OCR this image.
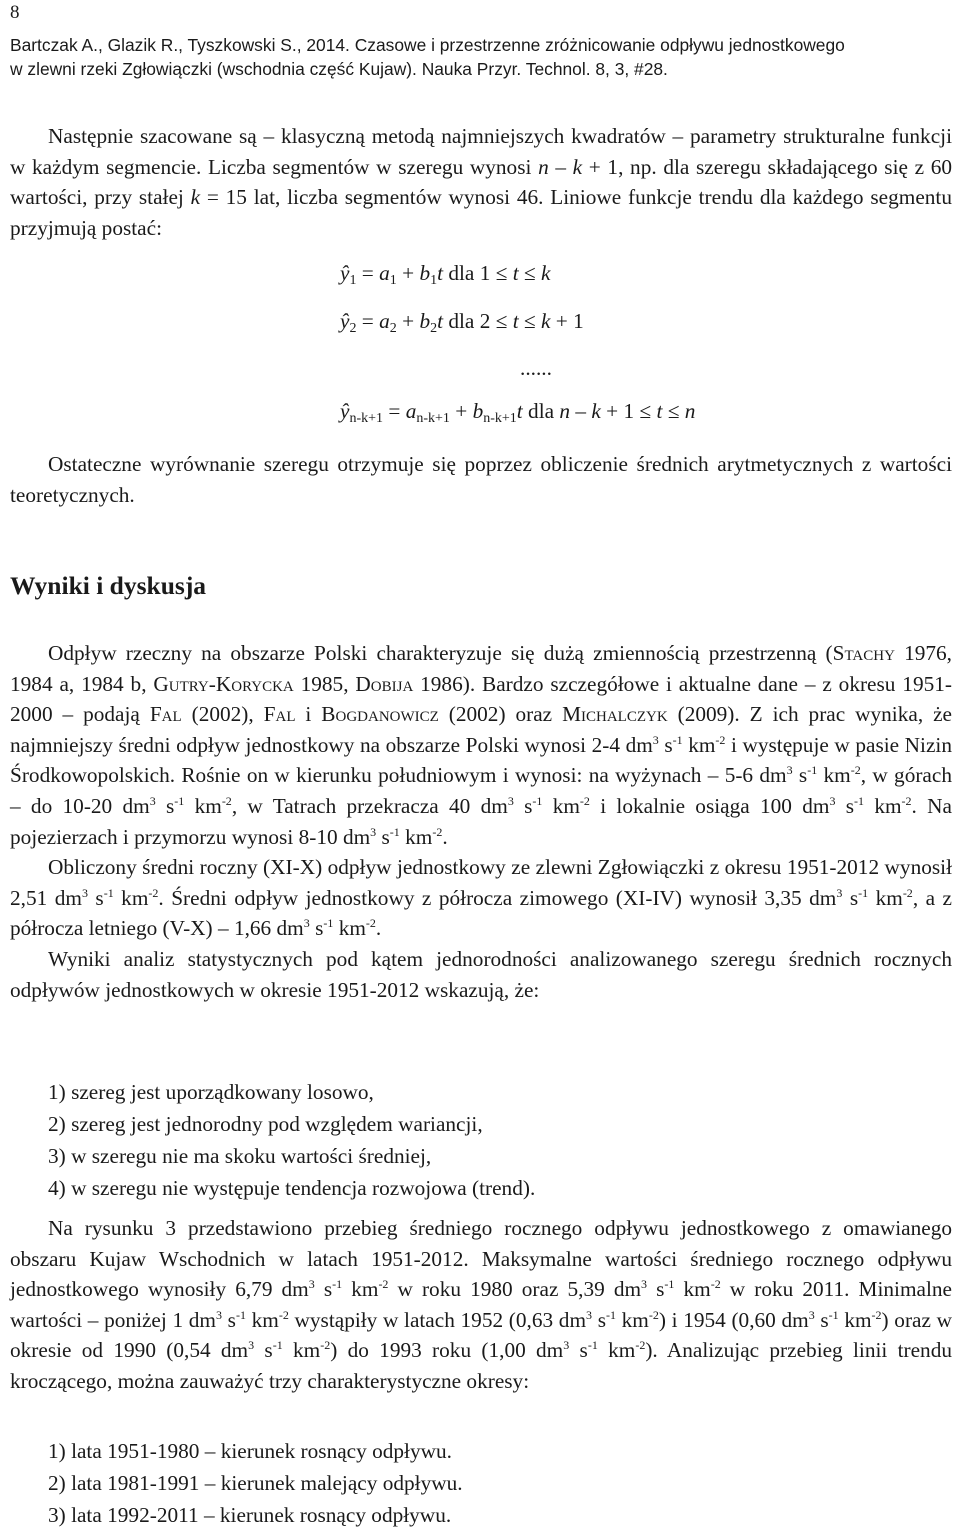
8
Bartczak A., Glazik R., Tyszkowski S., 2014. Czasowe i przestrzenne zróżnicowanie odpływu jednostkowego
w zlewni rzeki Zgłowiączki (wschodnia część Kujaw). Nauka Przyr. Technol. 8, 3, #28.

Następnie szacowane są – klasyczną metodą najmniejszych kwadratów – parametry strukturalne funkcji w każdym segmencie. Liczba segmentów w szeregu wynosi n – k + 1, np. dla szeregu składającego się z 60 wartości, przy stałej k = 15 lat, liczba segmentów wynosi 46. Liniowe funkcje trendu dla każdego segmentu przyjmują postać:

$ŷ_1 = a_1 + b_1t$ dla 1 ≤ t ≤ k
$ŷ_2 = a_2 + b_2t$ dla 2 ≤ t ≤ k + 1
......
$ŷ_{n-k+1} = a_{n-k+1} + b_{n-k+1}t$ dla n – k + 1 ≤ t ≤ n

Ostateczne wyrównanie szeregu otrzymuje się poprzez obliczenie średnich arytmetycznych z wartości teoretycznych.

Wyniki i dyskusja

Odpływ rzeczny na obszarze Polski charakteryzuje się dużą zmiennością przestrzenną (Stachy 1976, 1984 a, 1984 b, Gutry-Korycka 1985, Dobija 1986). Bardzo szczegółowe i aktualne dane – z okresu 1951-2000 – podają Fal (2002), Fal i Bogdanowicz (2002) oraz Michalczyk (2009). Z ich prac wynika, że najmniejszy średni odpływ jednostkowy na obszarze Polski wynosi 2-4 $dm^3$ $s^{-1}$ $km^{-2}$ i występuje w pasie Nizin Środkowopolskich. Rośnie on w kierunku południowym i wynosi: na wyżynach – 5-6 $dm^3$ $s^{-1}$ $km^{-2}$, w górach – do 10-20 $dm^3$ $s^{-1}$ $km^{-2}$, w Tatrach przekracza 40 $dm^3$ $s^{-1}$ $km^{-2}$ i lokalnie osiąga 100 $dm^3$ $s^{-1}$ $km^{-2}$. Na pojezierzach i przymorzu wynosi 8-10 $dm^3$ $s^{-1}$ $km^{-2}$.

Obliczony średni roczny (XI-X) odpływ jednostkowy ze zlewni Zgłowiączki z okresu 1951-2012 wynosił 2,51 $dm^3$ $s^{-1}$ $km^{-2}$. Średni odpływ jednostkowy z półrocza zimowego (XI-IV) wynosił 3,35 $dm^3$ $s^{-1}$ $km^{-2}$, a z półrocza letniego (V-X) – 1,66 $dm^3$ $s^{-1}$ $km^{-2}$.

Wyniki analiz statystycznych pod kątem jednorodności analizowanego szeregu średnich rocznych odpływów jednostkowych w okresie 1951-2012 wskazują, że:

1) szereg jest uporządkowany losowo,
2) szereg jest jednorodny pod względem wariancji,
3) w szeregu nie ma skoku wartości średniej,
4) w szeregu nie występuje tendencja rozwojowa (trend).

Na rysunku 3 przedstawiono przebieg średniego rocznego odpływu jednostkowego z omawianego obszaru Kujaw Wschodnich w latach 1951-2012. Maksymalne wartości średniego rocznego odpływu jednostkowego wynosiły 6,79 $dm^3$ $s^{-1}$ $km^{-2}$ w roku 1980 oraz 5,39 $dm^3$ $s^{-1}$ $km^{-2}$ w roku 2011. Minimalne wartości – poniżej 1 $dm^3$ $s^{-1}$ $km^{-2}$ wystąpiły w latach 1952 (0,63 $dm^3$ $s^{-1}$ $km^{-2}$) i 1954 (0,60 $dm^3$ $s^{-1}$ $km^{-2}$) oraz w okresie od 1990 (0,54 $dm^3$ $s^{-1}$ $km^{-2}$) do 1993 roku (1,00 $dm^3$ $s^{-1}$ $km^{-2}$). Analizując przebieg linii trendu kroczącego, można zauważyć trzy charakterystyczne okresy:

1) lata 1951-1980 – kierunek rosnący odpływu.
2) lata 1981-1991 – kierunek malejący odpływu.
3) lata 1992-2011 – kierunek rosnący odpływu.
